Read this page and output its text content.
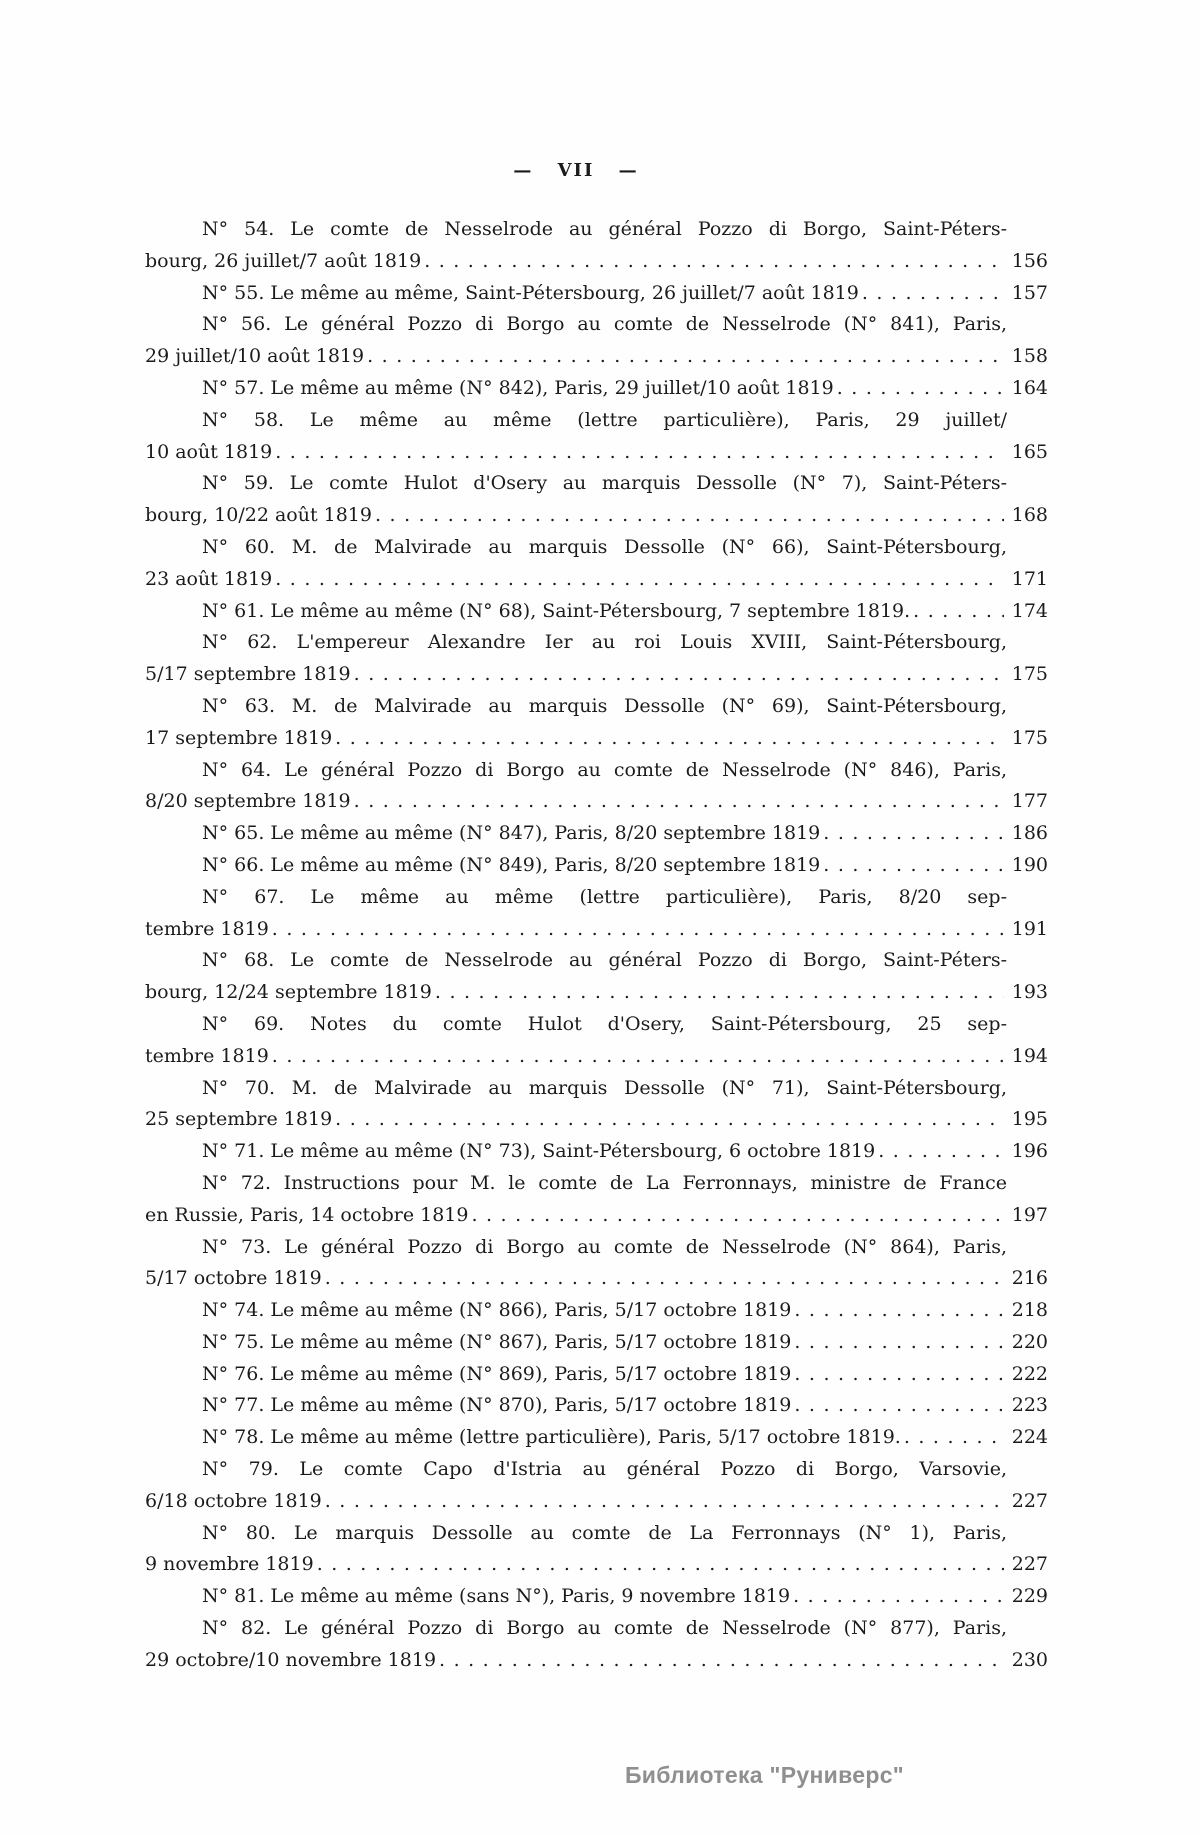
— VII —
N° 54. Le comte de Nesselrode au général Pozzo di Borgo, Saint-Péters-
bourg, 26 juillet/7 août 1819 .....	156
N° 55. Le même au même, Saint-Pétersbourg, 26 juillet/7 août 1819 .....	157
N° 56. Le général Pozzo di Borgo au comte de Nesselrode (N° 841), Paris,
29 juillet/10 août 1819 .....	158
N° 57. Le même au même (N° 842), Paris, 29 juillet/10 août 1819 .....	164
N° 58. Le même au même (lettre particulière), Paris, 29 juillet/
10 août 1819 .....	165
N° 59. Le comte Hulot d'Osery au marquis Dessolle (N° 7), Saint-Péters-
bourg, 10/22 août 1819 .....	168
N° 60. M. de Malvirade au marquis Dessolle (N° 66), Saint-Pétersbourg,
23 août 1819 .....	171
N° 61. Le même au même (N° 68), Saint-Pétersbourg, 7 septembre 1819. .....	174
N° 62. L'empereur Alexandre Ier au roi Louis XVIII, Saint-Pétersbourg,
5/17 septembre 1819 .....	175
N° 63. M. de Malvirade au marquis Dessolle (N° 69), Saint-Pétersbourg,
17 septembre 1819 .....	175
N° 64. Le général Pozzo di Borgo au comte de Nesselrode (N° 846), Paris,
8/20 septembre 1819 .....	177
N° 65. Le même au même (N° 847), Paris, 8/20 septembre 1819 .....	186
N° 66. Le même au même (N° 849), Paris, 8/20 septembre 1819 .....	190
N° 67. Le même au même (lettre particulière), Paris, 8/20 sep-
tembre 1819 .....	191
N° 68. Le comte de Nesselrode au général Pozzo di Borgo, Saint-Péters-
bourg, 12/24 septembre 1819 .....	193
N° 69. Notes du comte Hulot d'Osery, Saint-Pétersbourg, 25 sep-
tembre 1819 .....	194
N° 70. M. de Malvirade au marquis Dessolle (N° 71), Saint-Pétersbourg,
25 septembre 1819 .....	195
N° 71. Le même au même (N° 73), Saint-Pétersbourg, 6 octobre 1819 .....	196
N° 72. Instructions pour M. le comte de La Ferronnays, ministre de France
en Russie, Paris, 14 octobre 1819 .....	197
N° 73. Le général Pozzo di Borgo au comte de Nesselrode (N° 864), Paris,
5/17 octobre 1819 .....	216
N° 74. Le même au même (N° 866), Paris, 5/17 octobre 1819 .....	218
N° 75. Le même au même (N° 867), Paris, 5/17 octobre 1819 .....	220
N° 76. Le même au même (N° 869), Paris, 5/17 octobre 1819 .....	222
N° 77. Le même au même (N° 870), Paris, 5/17 octobre 1819 .....	223
N° 78. Le même au même (lettre particulière), Paris, 5/17 octobre 1819. .....	224
N° 79. Le comte Capo d'Istria au général Pozzo di Borgo, Varsovie,
6/18 octobre 1819 .....	227
N° 80. Le marquis Dessolle au comte de La Ferronnays (N° 1), Paris,
9 novembre 1819 .....	227
N° 81. Le même au même (sans N°), Paris, 9 novembre 1819 .....	229
N° 82. Le général Pozzo di Borgo au comte de Nesselrode (N° 877), Paris,
29 octobre/10 novembre 1819 .....	230
Библиотека "Руниверс"
